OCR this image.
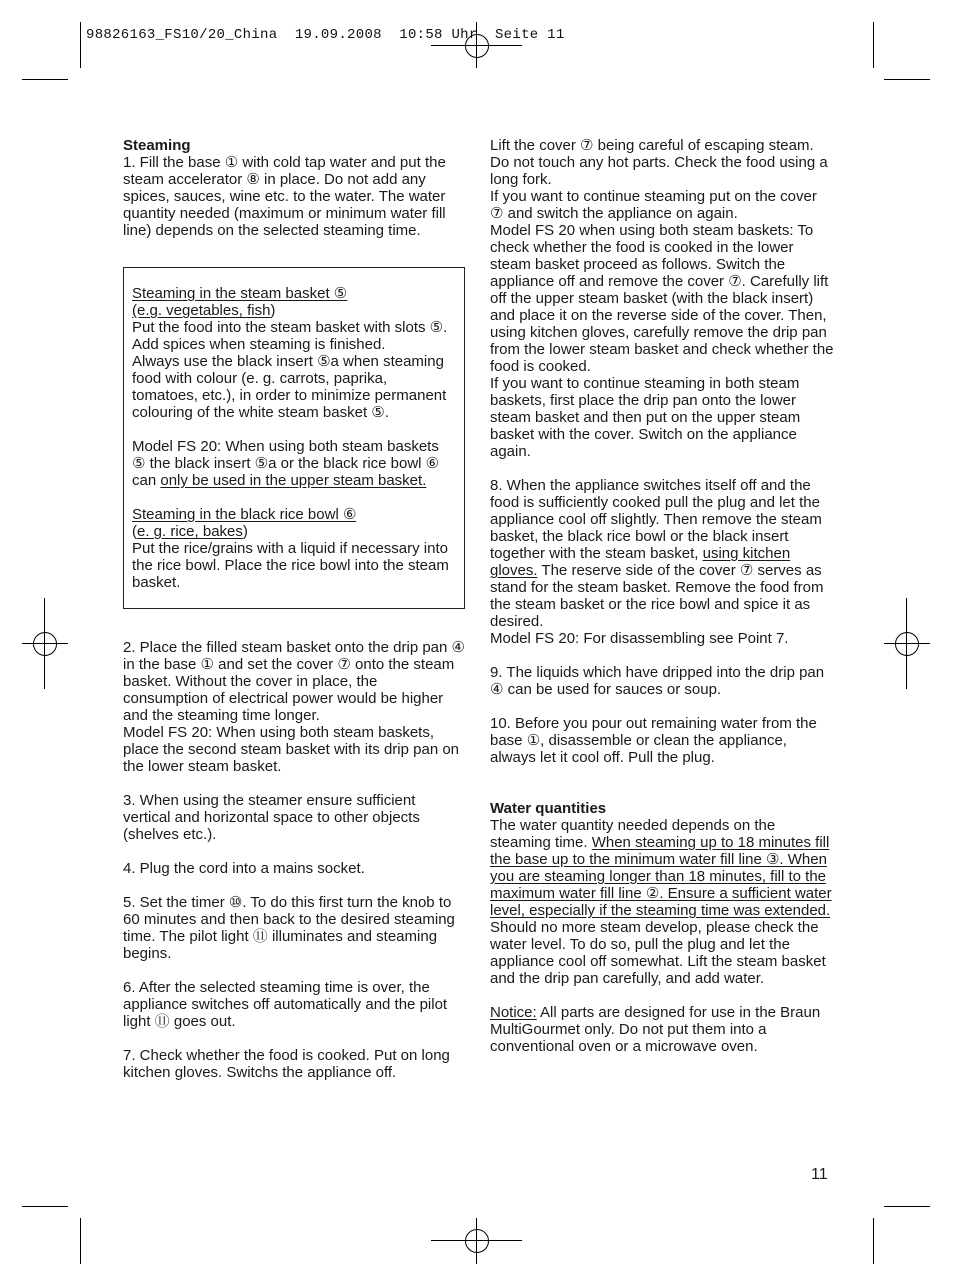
98826163_FS10/20_China  19.09.2008  10:58 Uhr  Seite 11

Steaming

1. Fill the base ① with cold tap water and put the steam accelerator ⑧ in place. Do not add any spices, sauces, wine etc. to the water. The water quantity needed (maximum or minimum water fill line) depends on the selected steaming time.

Steaming in the steam basket ⑤
(e.g. vegetables, fish)

Put the food into the steam basket with slots ⑤. Add spices when steaming is finished.

Always use the black insert ⑤a when steaming food with colour (e. g. carrots, paprika, tomatoes, etc.), in order to minimize permanent colouring of the white steam basket ⑤.

Model FS 20: When using both steam baskets ⑤ the black insert ⑤a or the black rice bowl ⑥ can only be used in the upper steam basket.

Steaming in the black rice bowl ⑥
(e. g. rice, bakes)

Put the rice/grains with a liquid if necessary into the rice bowl. Place the rice bowl into the steam basket.

2. Place the filled steam basket onto the drip pan ④ in the base ① and set the cover ⑦ onto the steam basket. Without the cover in place, the consumption of electrical power would be higher and the steaming time longer.

Model FS 20: When using both steam baskets, place the second steam basket with its drip pan on the lower steam basket.

3. When using the steamer ensure sufficient vertical and horizontal space to other objects (shelves etc.).

4. Plug the cord into a mains socket.

5. Set the timer ⑩. To do this first turn the knob to 60 minutes and then back to the desired steaming time. The pilot light ⑪ illuminates and steaming begins.

6. After the selected steaming time is over, the appliance switches off automatically and the pilot light ⑪ goes out.

7. Check whether the food is cooked. Put on long kitchen gloves. Switchs the appliance off.

Lift the cover ⑦ being careful of escaping steam. Do not touch any hot parts. Check the food using a long fork.

If you want to continue steaming put on the cover ⑦ and switch the appliance on again.

Model FS 20 when using both steam baskets: To check whether the food is cooked in the lower steam basket proceed as follows. Switch the appliance off and remove the cover ⑦. Carefully lift off the upper steam basket (with the black insert) and place it on the reverse side of the cover. Then, using kitchen gloves, carefully remove the drip pan from the lower steam basket and check whether the food is cooked.

If you want to continue steaming in both steam baskets, first place the drip pan onto the lower steam basket and then put on the upper steam basket with the cover. Switch on the appliance again.

8. When the appliance switches itself off and the food is sufficiently cooked pull the plug and let the appliance cool off slightly. Then remove the steam basket, the black rice bowl or the black insert together with the steam basket, using kitchen gloves. The reserve side of the cover ⑦ serves as stand for the steam basket. Remove the food from the steam basket or the rice bowl and spice it as desired.

Model FS 20: For disassembling see Point 7.

9. The liquids which have dripped into the drip pan ④ can be used for sauces or soup.

10. Before you pour out remaining water from the base ①, disassemble or clean the appliance, always let it cool off. Pull the plug.

Water quantities

The water quantity needed depends on the steaming time. When steaming up to 18 minutes fill the base up to the minimum water fill line ③. When you are steaming longer than 18 minutes, fill to the maximum water fill line ②. Ensure a sufficient water level, especially if the steaming time was extended. Should no more steam develop, please check the water level. To do so, pull the plug and let the appliance cool off somewhat. Lift the steam basket and the drip pan carefully, and add water.

Notice: All parts are designed for use in the Braun MultiGourmet only. Do not put them into a conventional oven or a microwave oven.

11
